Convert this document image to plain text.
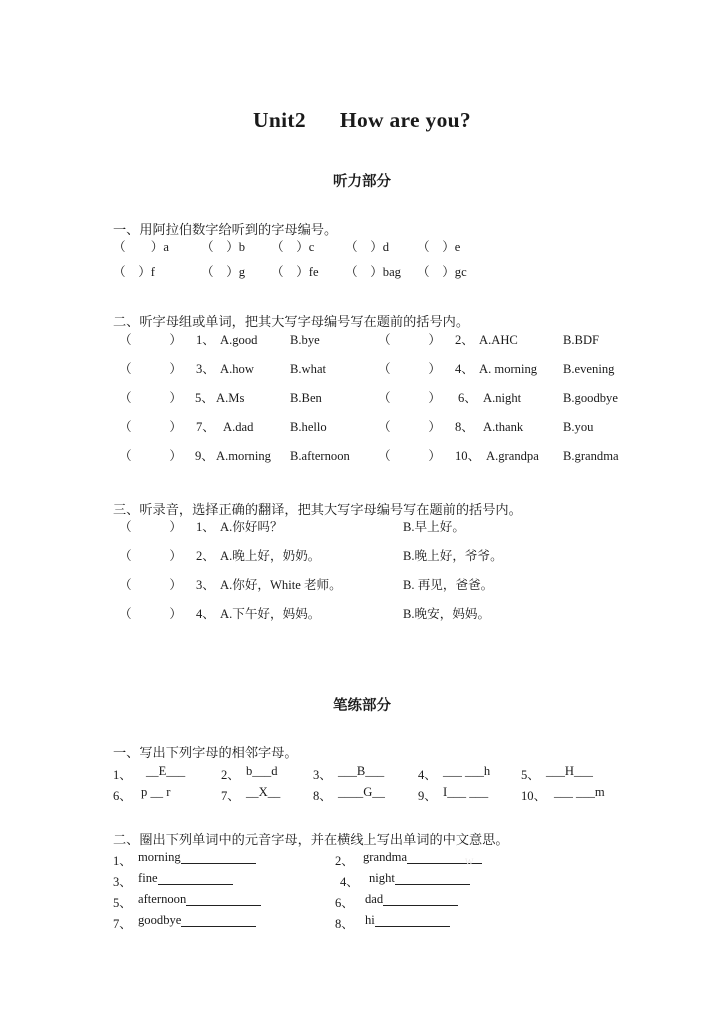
Unit2 How are you?
听力部分
一、用阿拉伯数字给听到的字母编号。
（　　）a	（　）b （　）c （　）d （　）e
（　）f	（　）g （　）fe （　）bag （　）gc
二、听字母组或单词，把其大写字母编号写在题前的括号内。
（　　　） 1、 A.good	B.bye	（　　　） 2、 A.AHC	B.BDF
（　　　） 3、 A.how	B.what	（　　　） 4、 A. morning B.evening
（　　　） 5、 A.Ms	B.Ben	（　　　） 6、 A.night	B.goodbye
（　　　） 7、 A.dad	B.hello	（　　　） 8、 A.thank	B.you
（　　　） 9、 A.morning B.afternoon （　　　） 10、 A.grandpa B.grandma
三、听录音，选择正确的翻译，把其大写字母编号写在题前的括号内。
（　　　） 1、 A.你好吗？	B.早上好。
（　　　） 2、 A.晚上好，奶奶。	B.晚上好，爷爷。
（　　　） 3、 A.你好，White 老师。	B. 再见，爸爸。
（　　　） 4、 A.下午好，妈妈。	B.晚安，妈妈。
笔练部分
一、写出下列字母的相邻字母。
1、 __E___	2、 b___d	3、 ___B___	4、 ___ ___h 5、 ___H___
6、 p __ r	7、 __X__	8、 ____G__	9、 I___ ___	10、 ___ ___m
二、圈出下列单词中的元音字母，并在横线上写出单词的中文意思。
1、 morning	2、 grandma
3、 fine	4、 night
5、 afternoon	6、 dad
7、 goodbye	8、 hi
W
